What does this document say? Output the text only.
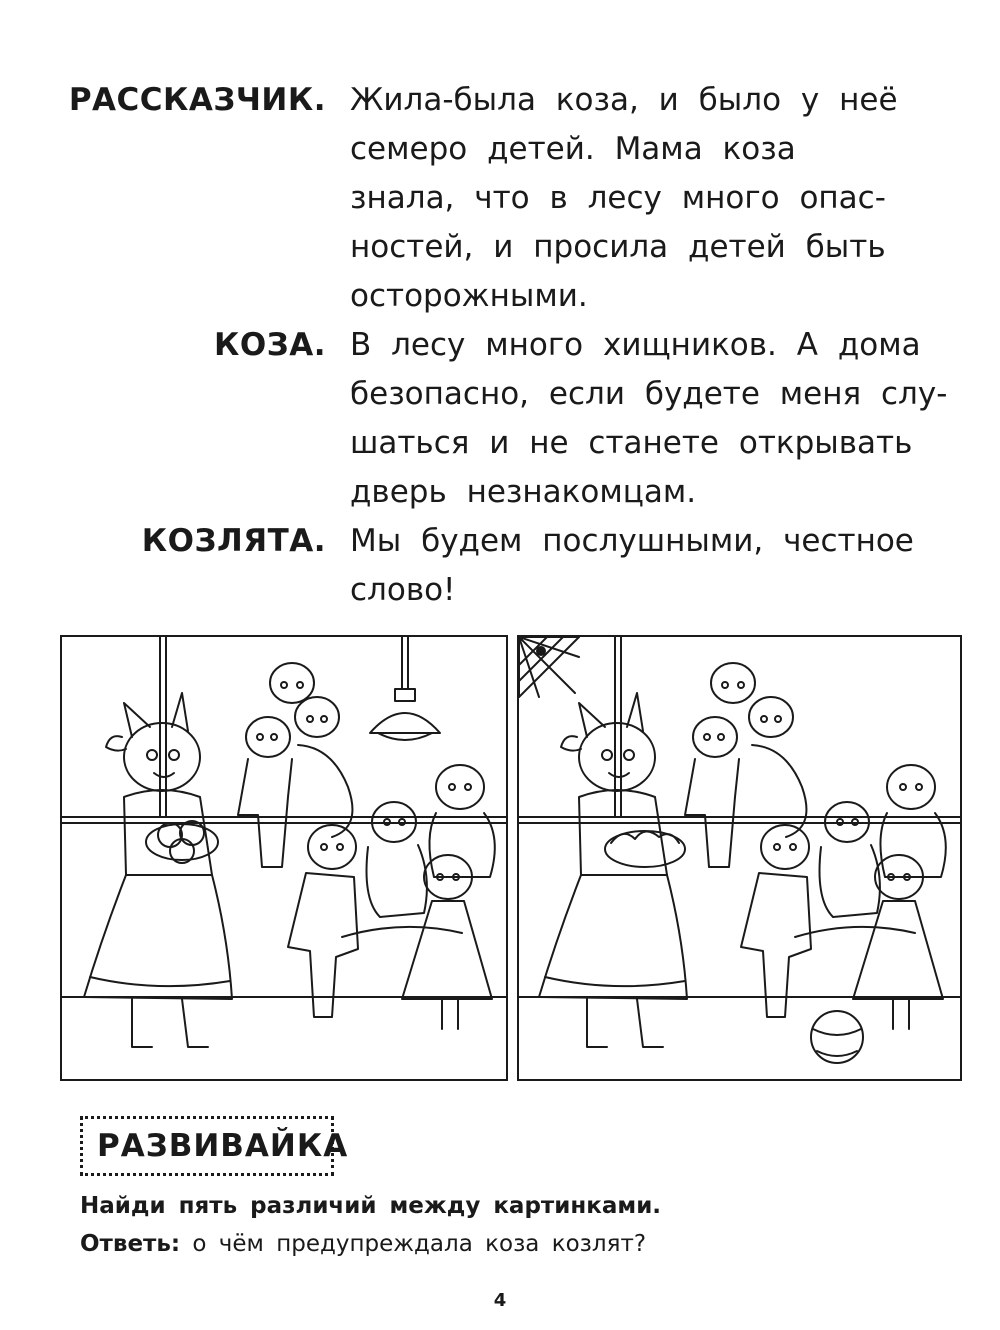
РАССКАЗЧИК. Жила-была коза, и было у неё
семеро детей. Мама коза
знала, что в лесу много опас-
ностей, и просила детей быть
осторожными.
КОЗА. В лесу много хищников. А дома
безопасно, если будете меня слу-
шаться и не станете открывать
дверь незнакомцам.
КОЗЛЯТА. Мы будем послушными, честное
слово!
РАЗВИВАЙКА
Найди пять различий между картинками.
Ответь: о чём предупреждала коза козлят?
4
